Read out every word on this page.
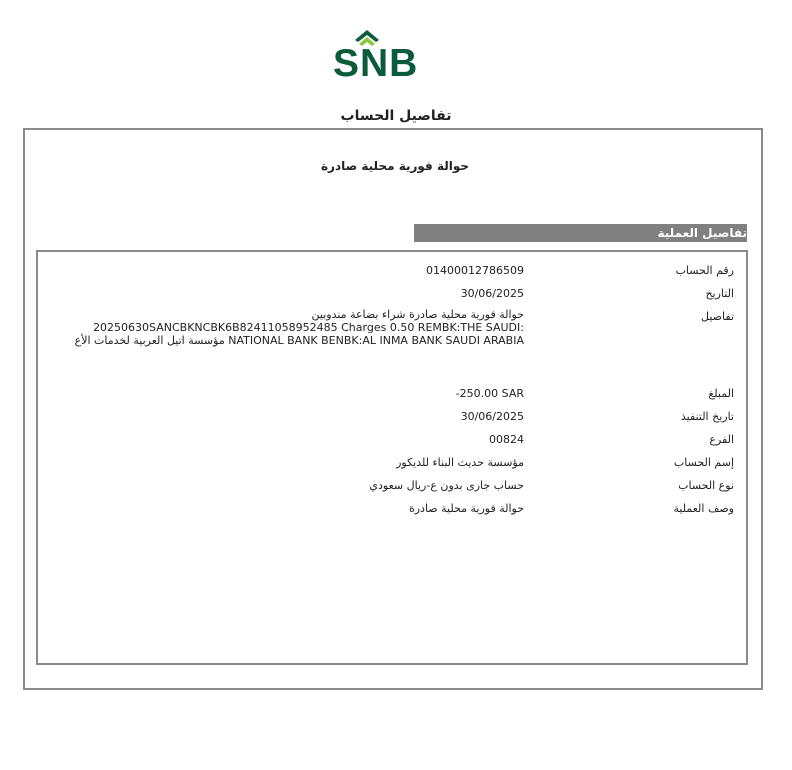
SNB
تفاصيل الحساب
حوالة فورية محلية صادرة
تفاصيل العملية
رقم الحساب
01400012786509
التاريخ
30/06/2025
تفاصيل
حوالة فورية محلية صادرة شراء بضاعة مندوبين :20250630SANCBKNCBK6B82411058952485 Charges 0.50 REMBK:THE SAUDI NATIONAL BANK BENBK:AL INMA BANK SAUDI ARABIA مؤسسة اتيل العربية لخدمات الأع
المبلغ
-250.00 SAR
تاريخ التنفيذ
30/06/2025
الفرع
00824
إسم الحساب
مؤسسة حديث البناء للديكور
نوع الحساب
حساب جارى بدون ع-ريال سعودي
وصف العملية
حوالة فورية محلية صادرة
